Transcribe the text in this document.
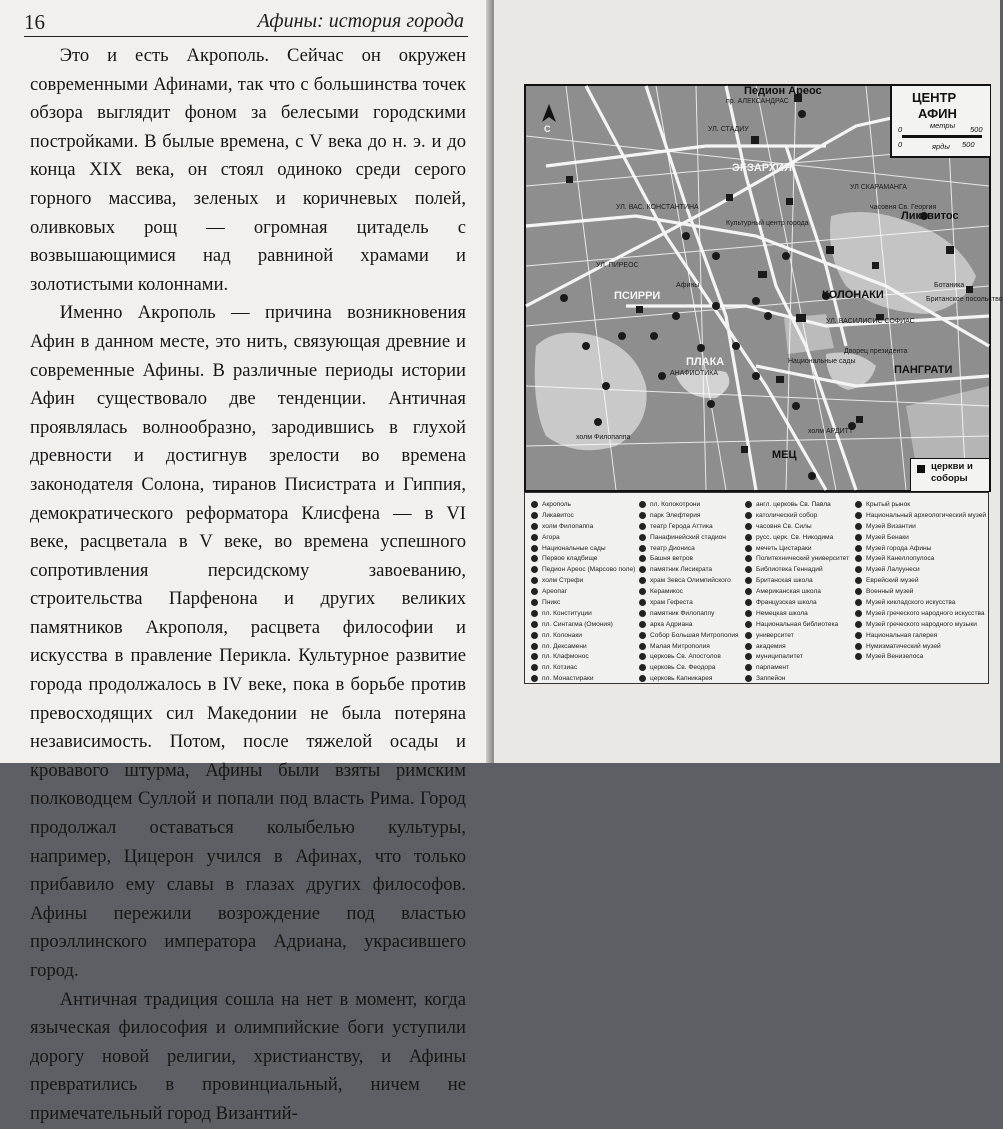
16	Афины: история города

Это и есть Акрополь. Сейчас он окружен современными Афинами, так что с большинства точек обзора выглядит фоном за белесыми городскими постройками. В былые времена, с V века до н. э. и до конца XIX века, он стоял одиноко среди серого горного массива, зеленых и коричневых полей, оливковых рощ — огромная цитадель с возвышающимися над равниной храмами и золотистыми колоннами.

Именно Акрополь — причина возникновения Афин в данном месте, это нить, связующая древние и современные Афины. В различные периоды истории Афин существовало две тенденции. Античная проявлялась волнообразно, зародившись в глухой древности и достигнув зрелости во времена законодателя Солона, тиранов Писистрата и Гиппия, демократического реформатора Клисфена — в VI веке, расцветала в V веке, во времена успешного сопротивления персидскому завоеванию, строительства Парфенона и других великих памятников Акрополя, расцвета философии и искусства в правление Перикла. Культурное развитие города продолжалось в IV веке, пока в борьбе против превосходящих сил Македонии не была потеряна независимость. Потом, после тяжелой осады и кровавого штурма, Афины были взяты римским полководцем Суллой и попали под власть Рима. Город продолжал оставаться колыбелью культуры, например, Цицерон учился в Афинах, что только прибавило ему славы в глазах других философов. Афины пережили возрождение под властью проэллинского императора Адриана, украсившего город.

Античная традиция сошла на нет в момент, когда языческая философия и олимпийские боги уступили дорогу новой религии, христианству, и Афины превратились в провинциальный, ничем не примечательный город Византий-

С
Педион Ареос
пр. АЛЕКСАНДРАС
ЭКЗАРХИЯ
ПСИРРИ
ПЛАКА
АНАФИОТИКА
КОЛОНАКИ
Ликавитос
ПАНГРАТИ
холм Филопаппа
холм АРДИТТ
МЕЦ
Национальные сады
Британское посольство
Дворец президента
Культурный центр города
часовня Св. Георгия
УЛ СКАРАМАНГА
УЛ. ВАС. КОНСТАНТИНА
УЛ. ПИРЕОС
УЛ. СТАДИУ
УЛ. ВАСИЛИСИС СОФИАС
Ботаника
Афины
ЦЕНТР
АФИН
0	метры 500
0	ярды 500
церкви и соборы
Акрополь
Ликавитос
холм Филопаппа
Агора
Национальные сады
Первое кладбище
Педион Ареос (Марсово поле)
холм Стрефи
Ареопаг
Пникс
пл. Конституции
пл. Синтагма (Омония)
пл. Колонаки
пл. Дексамени
пл. Клафмонос
пл. Котзиас
пл. Монастираки
пл. Колокотрони
парк Элефтерия
театр Герода Аттика
Панафинейский стадион
театр Диониса
Башня ветров
памятник Лисикрата
храм Зевса Олимпийского
Керамикос
храм Гефеста
памятник Филопаппу
арка Адриана
Собор Большая Митрополия
Малая Митрополия
церковь Св. Апостолов
церковь Св. Феодора
церковь Капникарея
англ. церковь Св. Павла
католический собор
часовня Св. Силы
русс. церк. Св. Никодима
мечеть Цистараки
Политехнический университет
Библиотека Геннадий
Британская школа
Американская школа
Французская школа
Немецкая школа
Национальная библиотека
университет
академия
муниципалитет
парламент
Заппейон
Крытый рынок
Национальный археологический музей
Музей Византии
Музей Бенаки
Музей города Афины
Музей Канеллопулоса
Музей Лалуунеси
Еврейский музей
Военный музей
Музей кикладского искусства
Музей греческого народного искусства
Музей греческого народного музыки
Национальная галерея
Нумизматический музей
Музей Венизелоса
